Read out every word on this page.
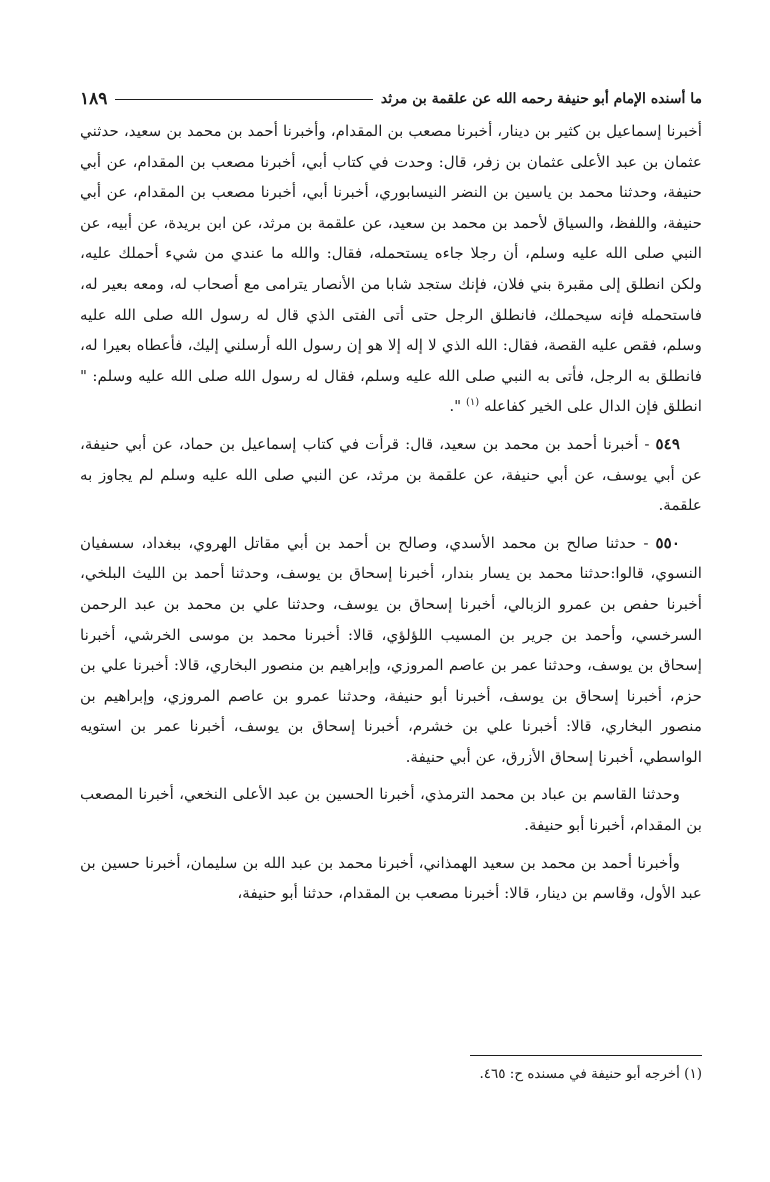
ما أسنده الإمام أبو حنيفة رحمه الله عن علقمة بن مرثد
١٨٩

أخبرنا إسماعيل بن كثير بن دينار، أخبرنا مصعب بن المقدام، وأخبرنا أحمد بن محمد بن سعيد، حدثني عثمان بن عبد الأعلى عثمان بن زفر، قال: وحدت في كتاب أبي، أخبرنا مصعب بن المقدام، عن أبي حنيفة، وحدثنا محمد بن ياسين بن النضر النيسابوري، أخبرنا أبي، أخبرنا مصعب بن المقدام، عن أبي حنيفة، واللفظ، والسياق لأحمد بن محمد بن سعيد، عن علقمة بن مرثد، عن ابن بريدة، عن أبيه، عن النبي صلى الله عليه وسلم، أن رجلا جاءه يستحمله، فقال: والله ما عندي من شيء أحملك عليه، ولكن انطلق إلى مقبرة بني فلان، فإنك ستجد شابا من الأنصار يترامى مع أصحاب له، ومعه بعير له، فاستحمله فإنه سيحملك، فانطلق الرجل حتى أتى الفتى الذي قال له رسول الله صلى الله عليه وسلم، فقص عليه القصة، فقال: الله الذي لا إله إلا هو إن رسول الله أرسلني إليك، فأعطاه بعيرا له، فانطلق به الرجل، فأتى به النبي صلى الله عليه وسلم، فقال له رسول الله صلى الله عليه وسلم: " انطلق فإن الدال على الخير كفاعله $^{(١)}$ ".

٥٤٩ - أخبرنا أحمد بن محمد بن سعيد، قال: قرأت في كتاب إسماعيل بن حماد، عن أبي حنيفة، عن أبي يوسف، عن أبي حنيفة، عن علقمة بن مرثد، عن النبي صلى الله عليه وسلم لم يجاوز به علقمة.

٥٥٠ - حدثنا صالح بن محمد الأسدي، وصالح بن أحمد بن أبي مقاتل الهروي، ببغداد، سسفيان النسوي، قالوا:حدثنا محمد بن يسار بندار، أخبرنا إسحاق بن يوسف، وحدثنا أحمد بن الليث البلخي، أخبرنا حفص بن عمرو الزبالي، أخبرنا إسحاق بن يوسف، وحدثنا علي بن محمد بن عبد الرحمن السرخسي، وأحمد بن جرير بن المسيب اللؤلؤي، قالا: أخبرنا محمد بن موسى الخرشي، أخبرنا إسحاق بن يوسف، وحدثنا عمر بن عاصم المروزي، وإبراهيم بن منصور البخاري، قالا: أخبرنا علي بن حزم، أخبرنا إسحاق بن يوسف، أخبرنا أبو حنيفة، وحدثنا عمرو بن عاصم المروزي، وإبراهيم بن منصور البخاري، قالا: أخبرنا علي بن خشرم، أخبرنا إسحاق بن يوسف، أخبرنا عمر بن استويه الواسطي، أخبرنا إسحاق الأزرق، عن أبي حنيفة.

وحدثنا القاسم بن عباد بن محمد الترمذي، أخبرنا الحسين بن عبد الأعلى النخعي، أخبرنا المصعب بن المقدام، أخبرنا أبو حنيفة.

وأخبرنا أحمد بن محمد بن سعيد الهمذاني، أخبرنا محمد بن عبد الله بن سليمان، أخبرنا حسين بن عبد الأول، وقاسم بن دينار، قالا: أخبرنا مصعب بن المقدام، حدثنا أبو حنيفة،

(١) أخرجه أبو حنيفة في مسنده ح: ٤٦٥.
